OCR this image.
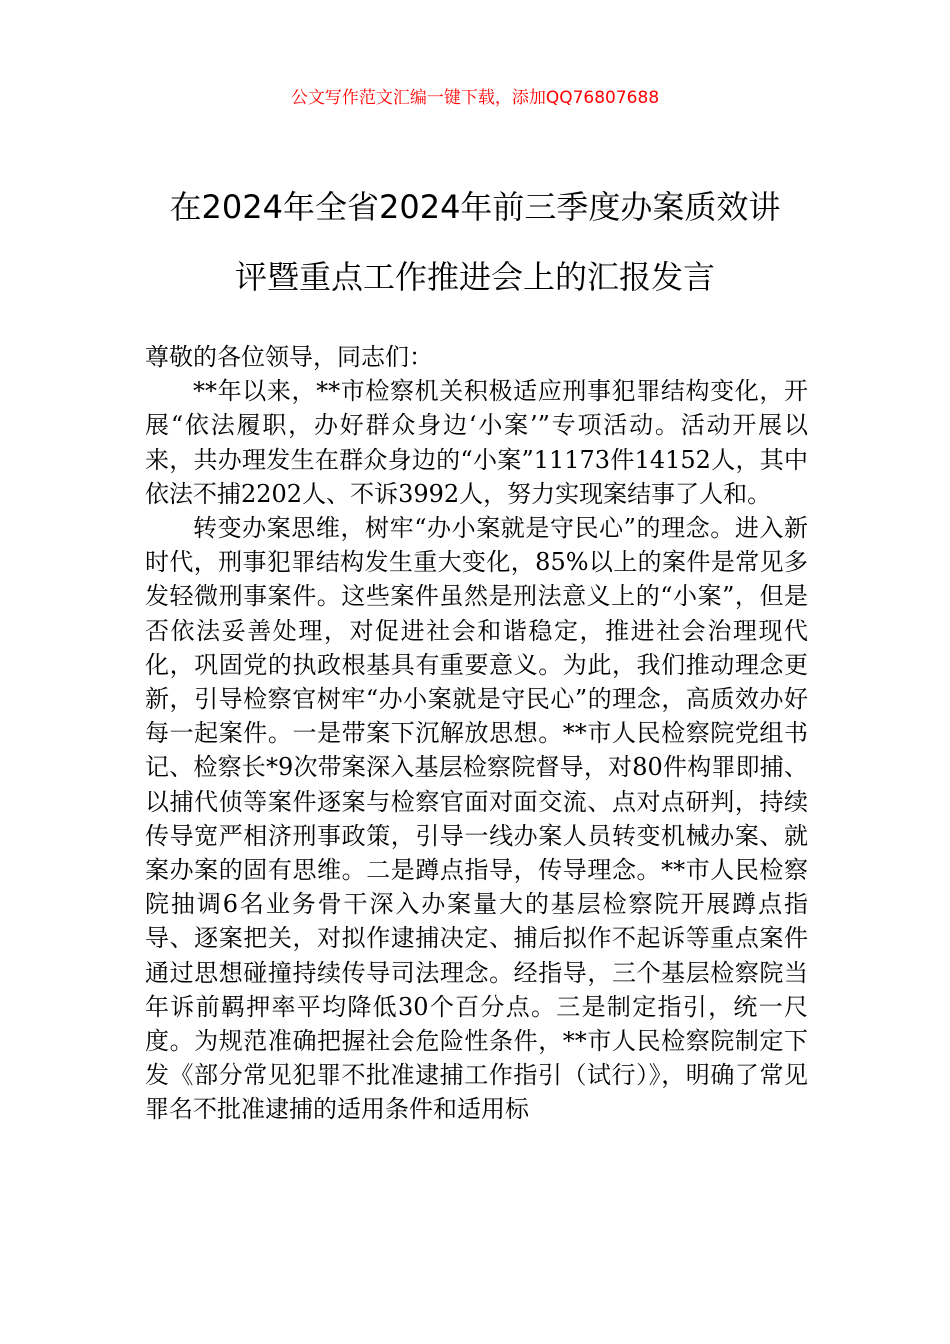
公文写作范文汇编一键下载，添加QQ76807688
在2024年全省2024年前三季度办案质效讲
评暨重点工作推进会上的汇报发言

尊敬的各位领导，同志们：

**年以来，**市检察机关积极适应刑事犯罪结构变化，开展“依法履职，办好群众身边‘小案’”专项活动。活动开展以来，共办理发生在群众身边的“小案”11173件14152人，其中依法不捕2202人、不诉3992人，努力实现案结事了人和。

转变办案思维，树牢“办小案就是守民心”的理念。进入新时代，刑事犯罪结构发生重大变化，85%以上的案件是常见多发轻微刑事案件。这些案件虽然是刑法意义上的“小案”，但是否依法妥善处理，对促进社会和谐稳定，推进社会治理现代化，巩固党的执政根基具有重要意义。为此，我们推动理念更新，引导检察官树牢“办小案就是守民心”的理念，高质效办好每一起案件。一是带案下沉解放思想。**市人民检察院党组书记、检察长*9次带案深入基层检察院督导，对80件构罪即捕、以捕代侦等案件逐案与检察官面对面交流、点对点研判，持续传导宽严相济刑事政策，引导一线办案人员转变机械办案、就案办案的固有思维。二是蹲点指导，传导理念。**市人民检察院抽调6名业务骨干深入办案量大的基层检察院开展蹲点指导、逐案把关，对拟作逮捕决定、捕后拟作不起诉等重点案件通过思想碰撞持续传导司法理念。经指导，三个基层检察院当年诉前羁押率平均降低30个百分点。三是制定指引，统一尺度。为规范准确把握社会危险性条件，**市人民检察院制定下发《部分常见犯罪不批准逮捕工作指引（试行）》，明确了常见罪名不批准逮捕的适用条件和适用标
